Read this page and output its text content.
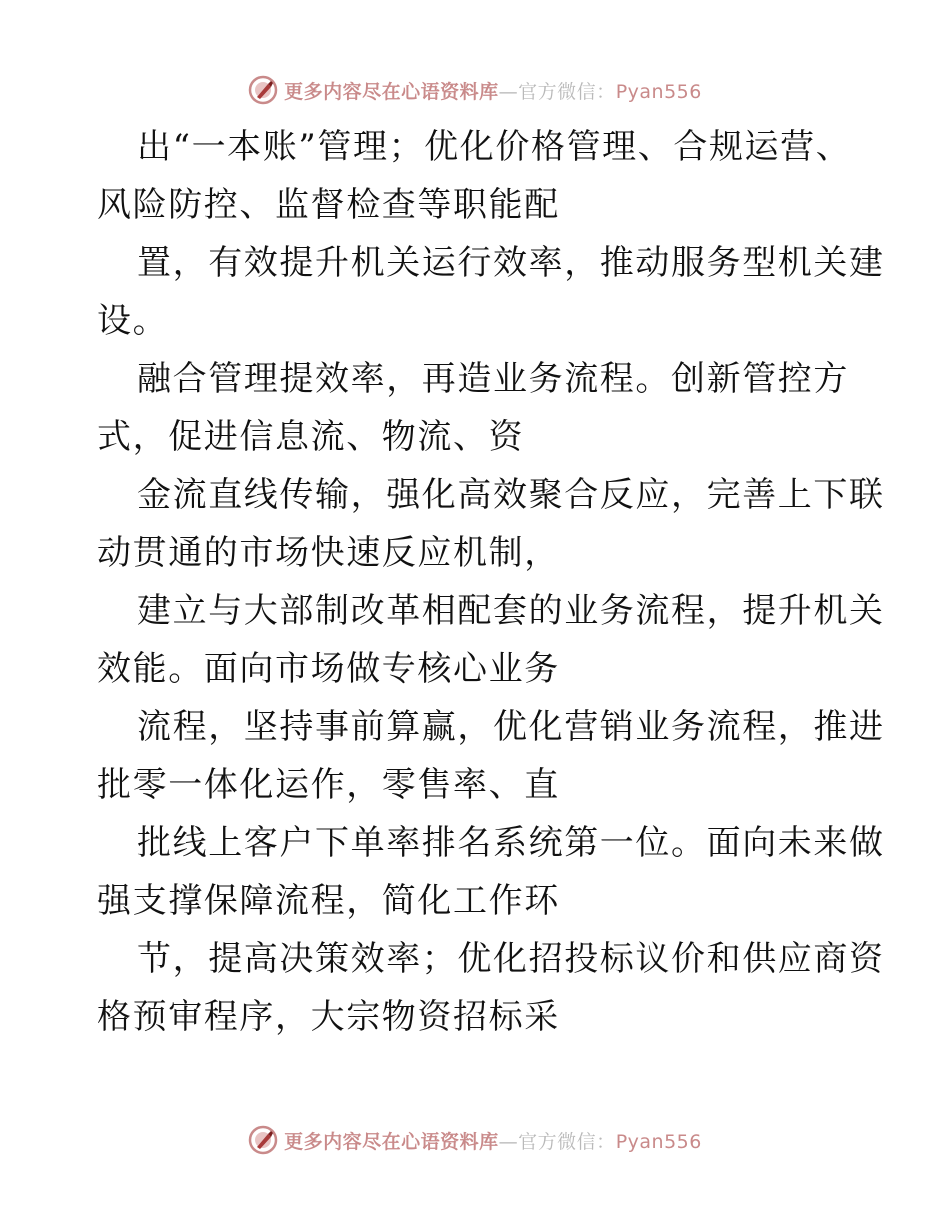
更多内容尽在心语资料库—官方微信：Pyan556
出“一本账”管理；优化价格管理、合规运营、
风险防控、监督检查等职能配
置，有效提升机关运行效率，推动服务型机关建
设。
融合管理提效率，再造业务流程。创新管控方
式，促进信息流、物流、资
金流直线传输，强化高效聚合反应，完善上下联
动贯通的市场快速反应机制，
建立与大部制改革相配套的业务流程，提升机关
效能。面向市场做专核心业务
流程，坚持事前算赢，优化营销业务流程，推进
批零一体化运作，零售率、直
批线上客户下单率排名系统第一位。面向未来做
强支撑保障流程，简化工作环
节，提高决策效率；优化招投标议价和供应商资
格预审程序，大宗物资招标采
更多内容尽在心语资料库—官方微信：Pyan556
